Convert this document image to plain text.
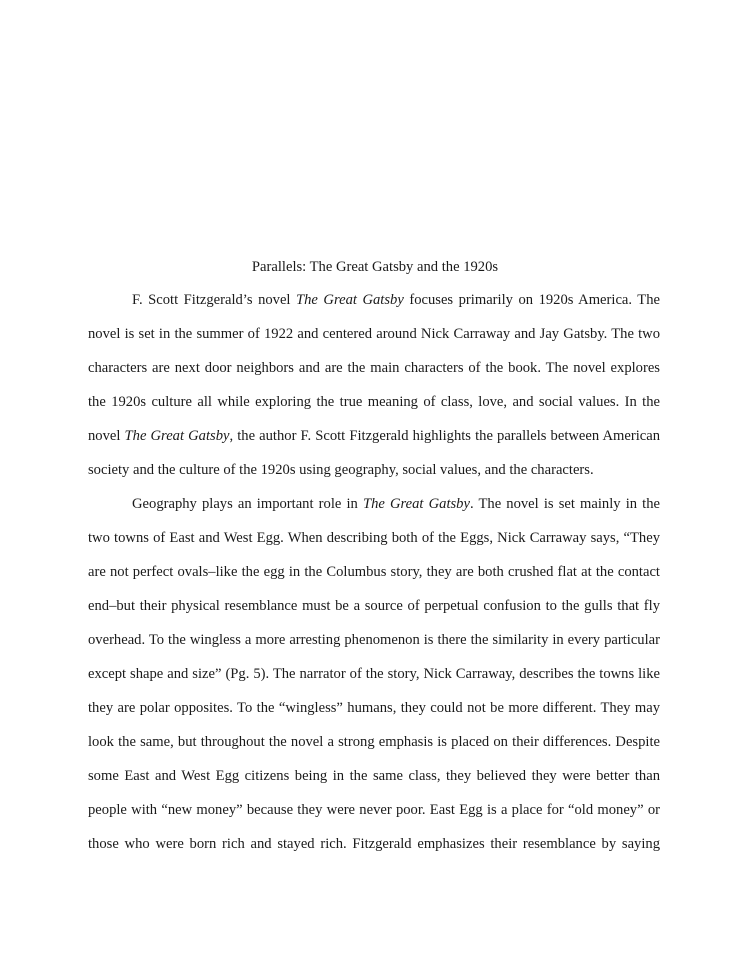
Parallels: The Great Gatsby and the 1920s
F. Scott Fitzgerald’s novel The Great Gatsby focuses primarily on 1920s America. The
novel is set in the summer of 1922 and centered around Nick Carraway and Jay Gatsby. The two
characters are next door neighbors and are the main characters of the book. The novel explores
the 1920s culture all while exploring the true meaning of class, love, and social values. In the
novel The Great Gatsby, the author F. Scott Fitzgerald highlights the parallels between American
society and the culture of the 1920s using geography, social values, and the characters.
Geography plays an important role in The Great Gatsby. The novel is set mainly in the
two towns of East and West Egg. When describing both of the Eggs, Nick Carraway says, “They
are not perfect ovals–like the egg in the Columbus story, they are both crushed flat at the contact
end–but their physical resemblance must be a source of perpetual confusion to the gulls that fly
overhead. To the wingless a more arresting phenomenon is there the similarity in every particular
except shape and size” (Pg. 5). The narrator of the story, Nick Carraway, describes the towns like
they are polar opposites. To the “wingless” humans, they could not be more different. They may
look the same, but throughout the novel a strong emphasis is placed on their differences. Despite
some East and West Egg citizens being in the same class, they believed they were better than
people with “new money” because they were never poor. East Egg is a place for “old money” or
those who were born rich and stayed rich. Fitzgerald emphasizes their resemblance by saying
